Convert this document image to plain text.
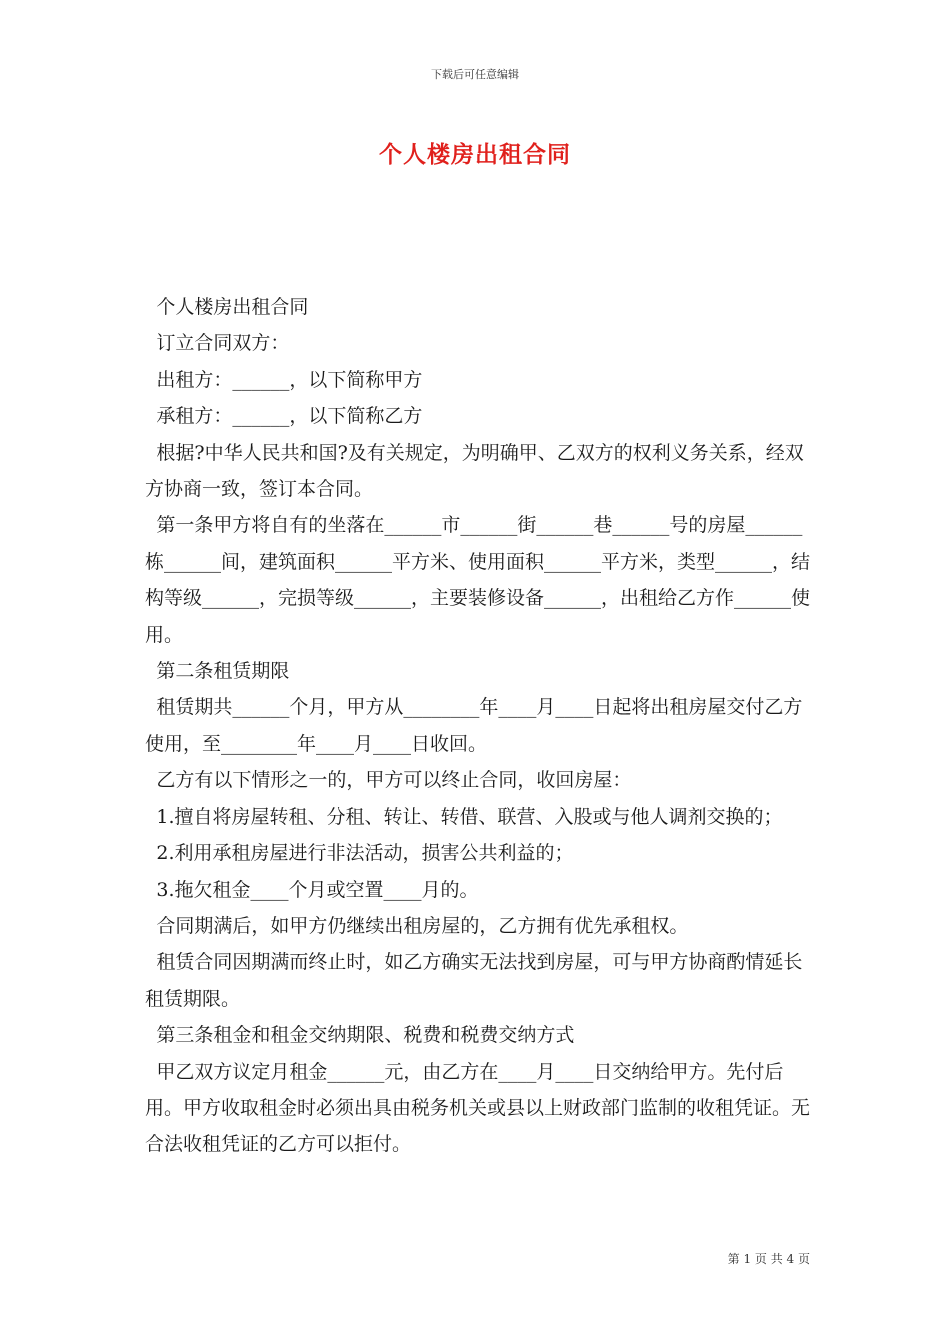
下载后可任意编辑
个人楼房出租合同

个人楼房出租合同

订立合同双方：

出租方：______，以下简称甲方

承租方：______，以下简称乙方

根据?中华人民共和国?及有关规定，为明确甲、乙双方的权利义务关系，经双方协商一致，签订本合同。

第一条甲方将自有的坐落在______市______街______巷______号的房屋______栋______间，建筑面积______平方米、使用面积______平方米，类型______，结构等级______，完损等级______，主要装修设备______，出租给乙方作______使用。

第二条租赁期限

租赁期共______个月，甲方从________年____月____日起将出租房屋交付乙方使用，至________年____月____日收回。

乙方有以下情形之一的，甲方可以终止合同，收回房屋：

1.擅自将房屋转租、分租、转让、转借、联营、入股或与他人调剂交换的；

2.利用承租房屋进行非法活动，损害公共利益的；

3.拖欠租金____个月或空置____月的。

合同期满后，如甲方仍继续出租房屋的，乙方拥有优先承租权。

租赁合同因期满而终止时，如乙方确实无法找到房屋，可与甲方协商酌情延长租赁期限。

第三条租金和租金交纳期限、税费和税费交纳方式

甲乙双方议定月租金______元，由乙方在____月____日交纳给甲方。先付后用。甲方收取租金时必须出具由税务机关或县以上财政部门监制的收租凭证。无合法收租凭证的乙方可以拒付。

第 1 页 共 4 页
